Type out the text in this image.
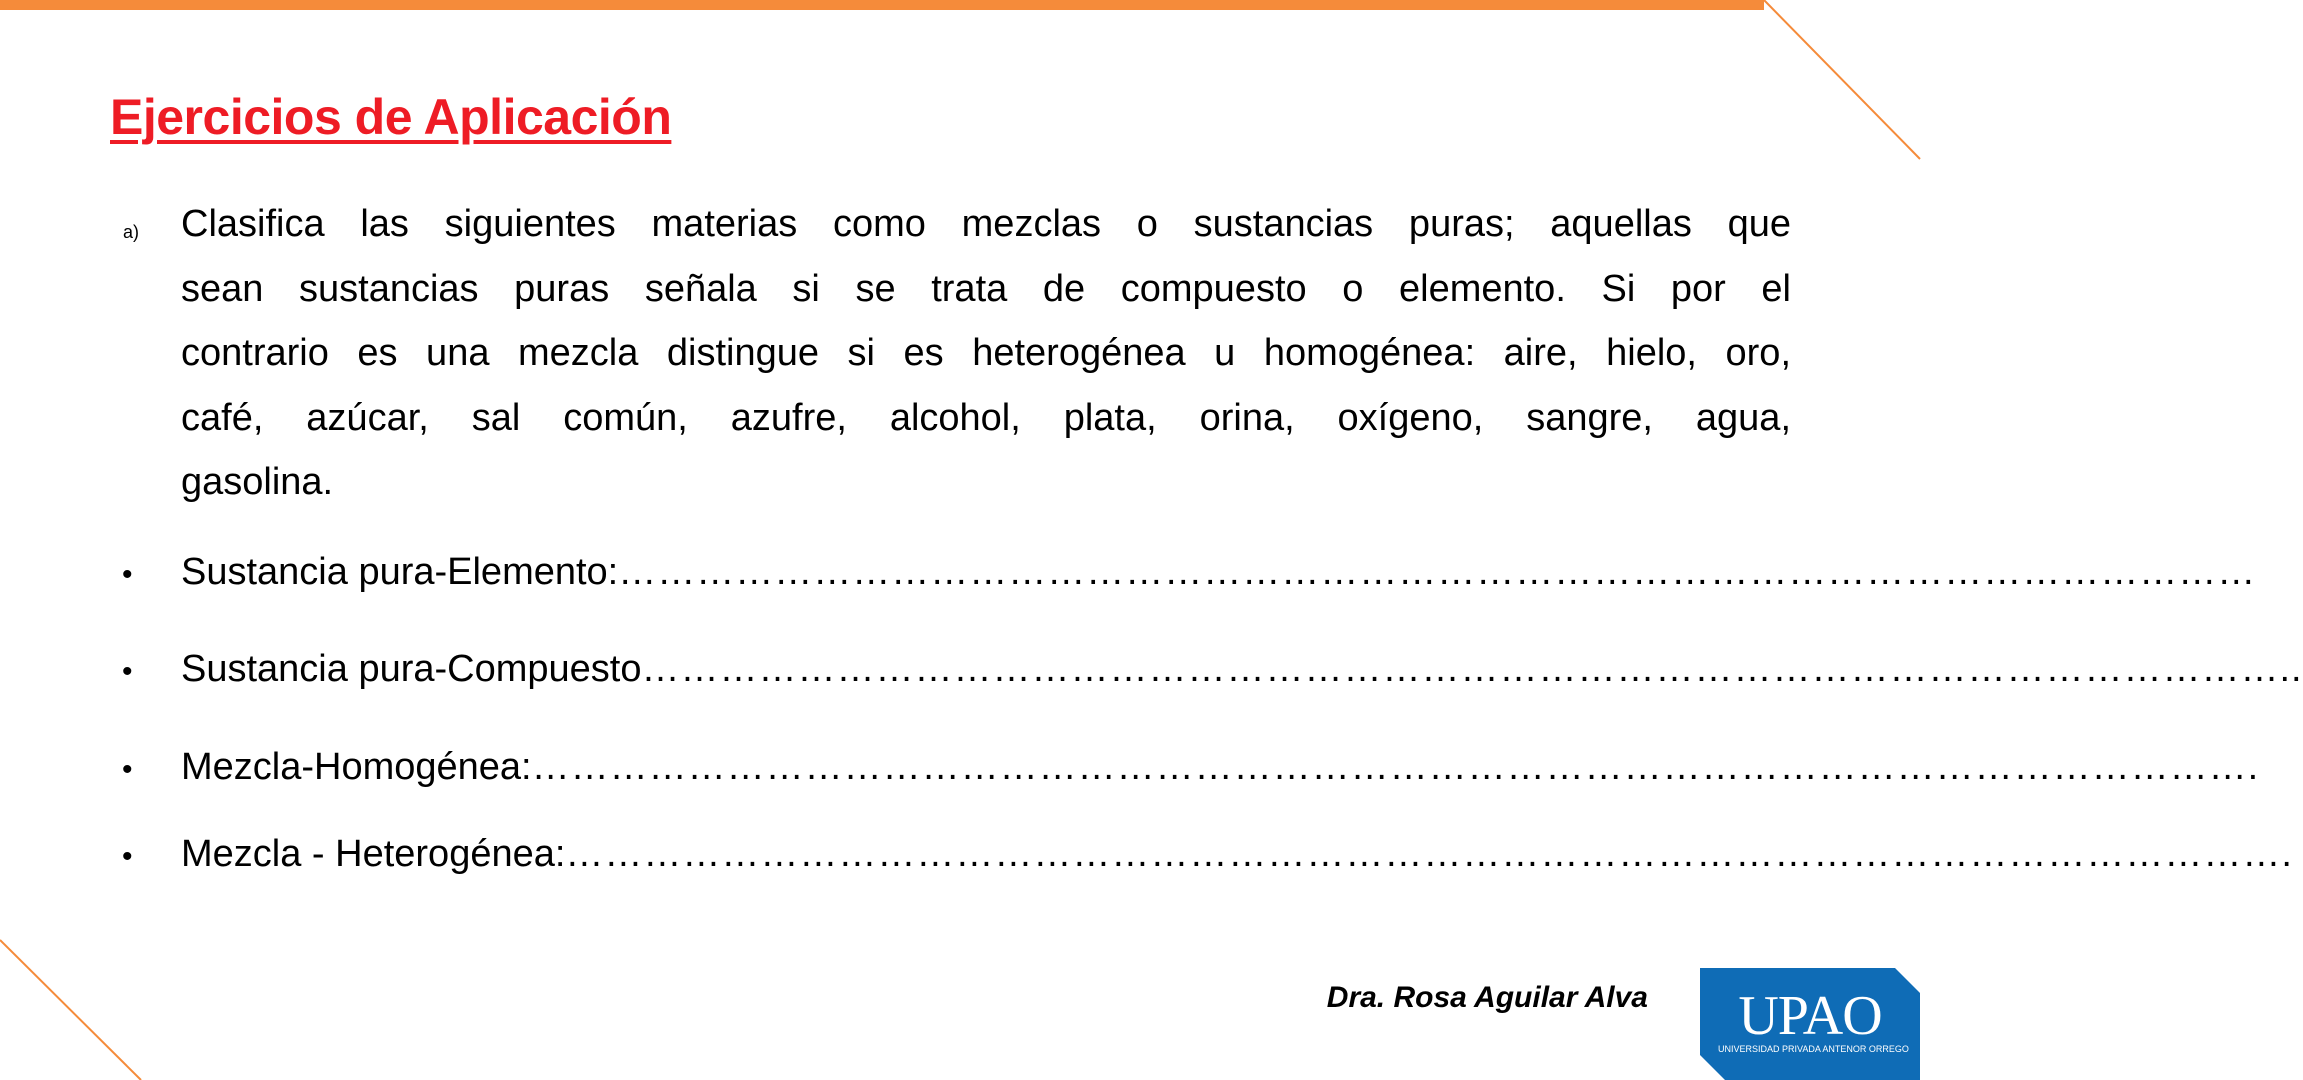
Ejercicios de Aplicación
a) Clasifica las siguientes materias como mezclas o sustancias puras; aquellas que
sean sustancias puras señala si se trata de compuesto o elemento. Si por el
contrario es una mezcla distingue si es heterogénea u homogénea: aire, hielo, oro,
café, azúcar, sal común, azufre, alcohol, plata, orina, oxígeno, sangre, agua,
gasolina.
•	Sustancia pura-Elemento: ………………………………………………………………………………………………………………
•	Sustancia pura-Compuesto ………………………………………………………………………………………………………………..
•	Mezcla-Homogénea: …………………………………………………………………………………………………………………….
•	Mezcla - Heterogénea: …………………………………………………………………………………………………………………….
Dra. Rosa Aguilar Alva UPAO
UNIVERSIDAD PRIVADA ANTENOR ORREGO
